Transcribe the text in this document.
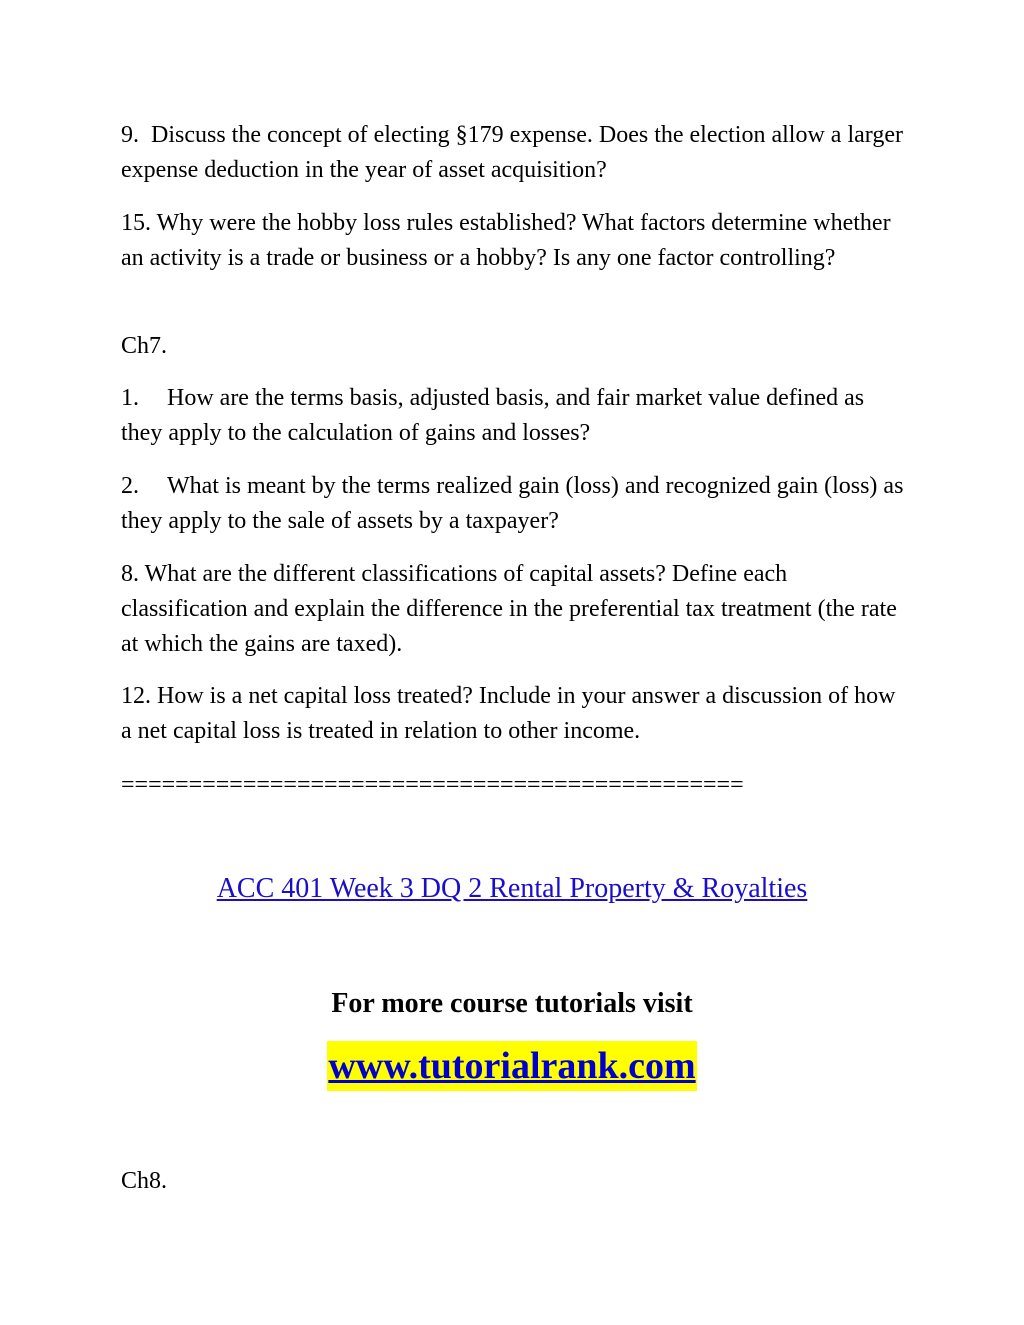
9. Discuss the concept of electing §179 expense. Does the election allow a larger expense deduction in the year of asset acquisition?

15. Why were the hobby loss rules established? What factors determine whether an activity is a trade or business or a hobby? Is any one factor controlling?

Ch7.

1. How are the terms basis, adjusted basis, and fair market value defined as they apply to the calculation of gains and losses?

2. What is meant by the terms realized gain (loss) and recognized gain (loss) as they apply to the sale of assets by a taxpayer?

8. What are the different classifications of capital assets? Define each classification and explain the difference in the preferential tax treatment (the rate at which the gains are taxed).

12. How is a net capital loss treated? Include in your answer a discussion of how a net capital loss is treated in relation to other income.

==============================================

ACC 401 Week 3 DQ 2 Rental Property & Royalties

For more course tutorials visit

www.tutorialrank.com

Ch8.
